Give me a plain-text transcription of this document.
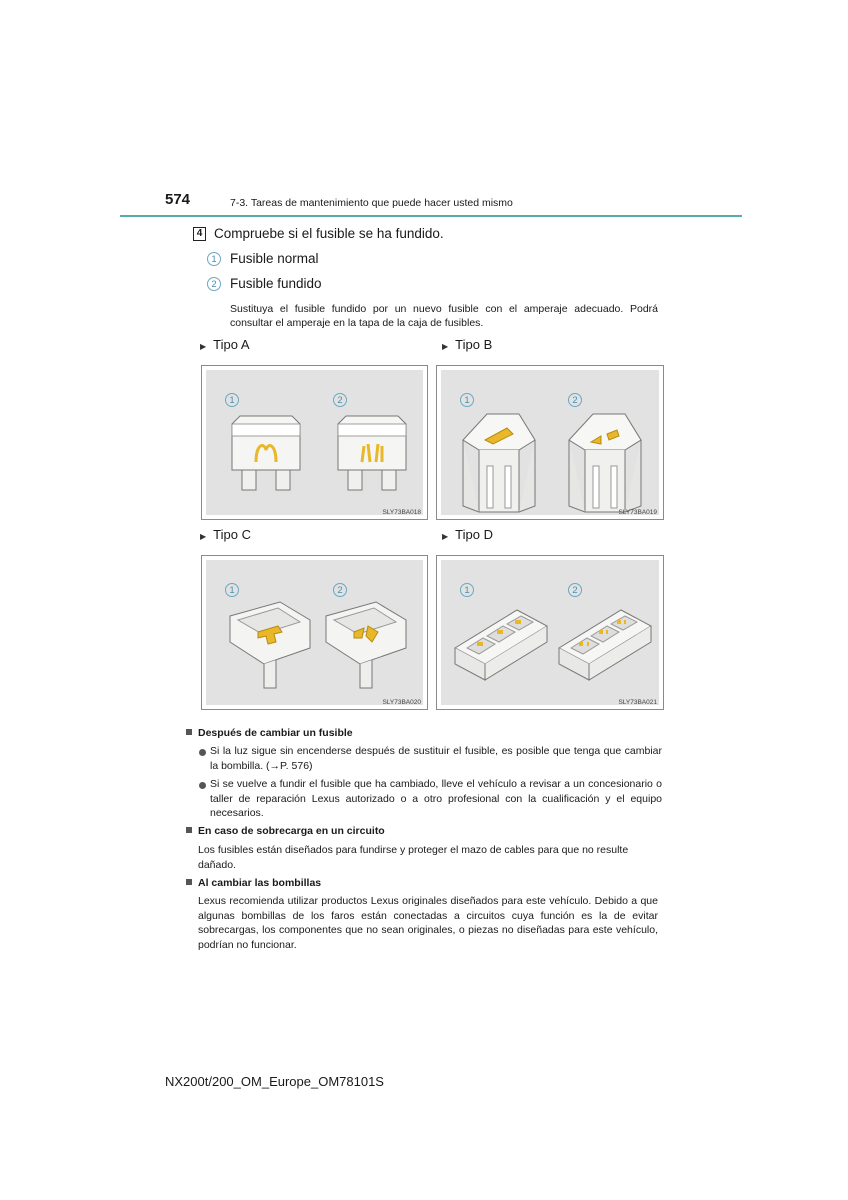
574	7-3. Tareas de mantenimiento que puede hacer usted mismo
4 Compruebe si el fusible se ha fundido.
1 Fusible normal
2 Fusible fundido
Sustituya el fusible fundido por un nuevo fusible con el amperaje adecuado. Podrá consultar el amperaje en la tapa de la caja de fusibles.
▶ Tipo A	▶ Tipo B
▶ Tipo C	▶ Tipo D
1	2
SLY73BA018
1	2
SLY73BA019
1	2
SLY73BA020
1	2
SLY73BA021
Después de cambiar un fusible
Si la luz sigue sin encenderse después de sustituir el fusible, es posible que tenga que cambiar la bombilla. (→P. 576)
Si se vuelve a fundir el fusible que ha cambiado, lleve el vehículo a revisar a un concesionario o taller de reparación Lexus autorizado o a otro profesional con la cualificación y el equipo necesarios.
En caso de sobrecarga en un circuito
Los fusibles están diseñados para fundirse y proteger el mazo de cables para que no resulte dañado.
Al cambiar las bombillas
Lexus recomienda utilizar productos Lexus originales diseñados para este vehículo. Debido a que algunas bombillas de los faros están conectadas a circuitos cuya función es la de evitar sobrecargas, los componentes que no sean originales, o piezas no diseñadas para este vehículo, podrían no funcionar.
NX200t/200_OM_Europe_OM78101S
